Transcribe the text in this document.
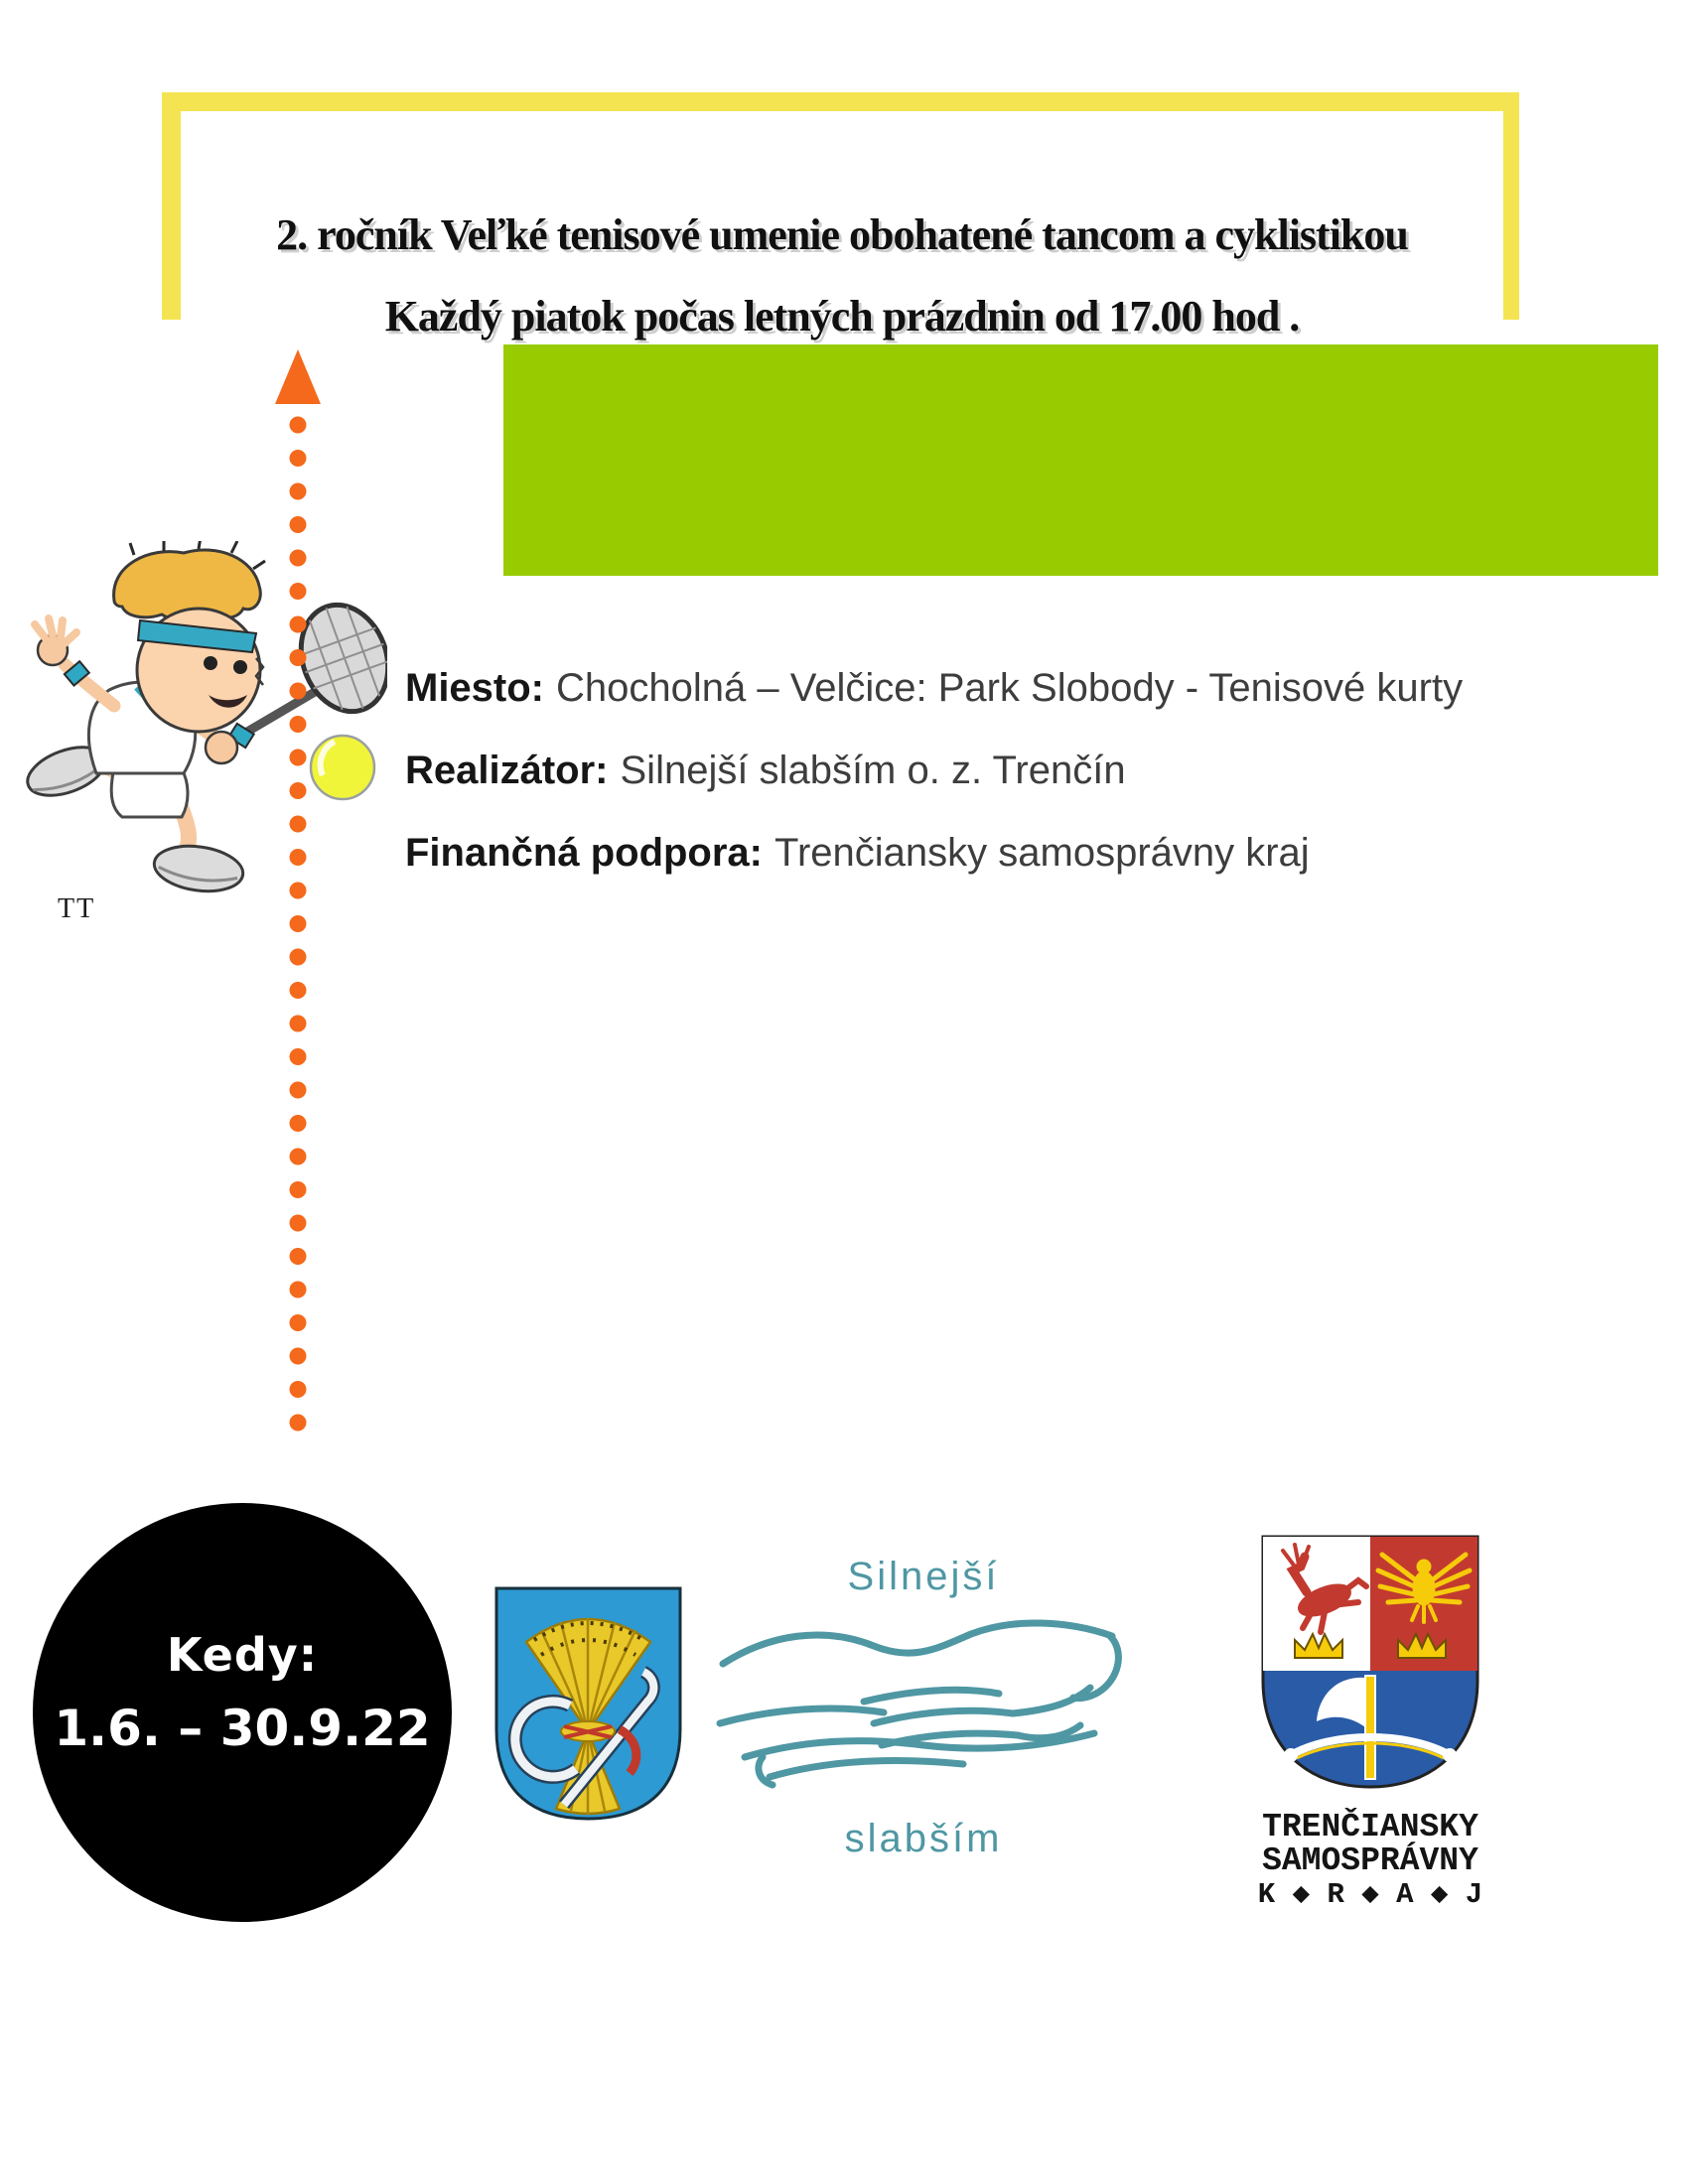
2. ročník Veľké tenisové umenie obohatené tancom a cyklistikou
Každý piatok počas letných prázdnin od 17.00 hod .
TT
Miesto: Chocholná – Velčice: Park Slobody - Tenisové kurty
Realizátor: Silnejší slabším o. z. Trenčín
Finančná podpora: Trenčiansky samosprávny kraj
Kedy:
1.6. – 30.9.22
Silnejší
slabším	TRENČIANSKY
SAMOSPRÁVNY
K ◆ R ◆ A ◆ J
